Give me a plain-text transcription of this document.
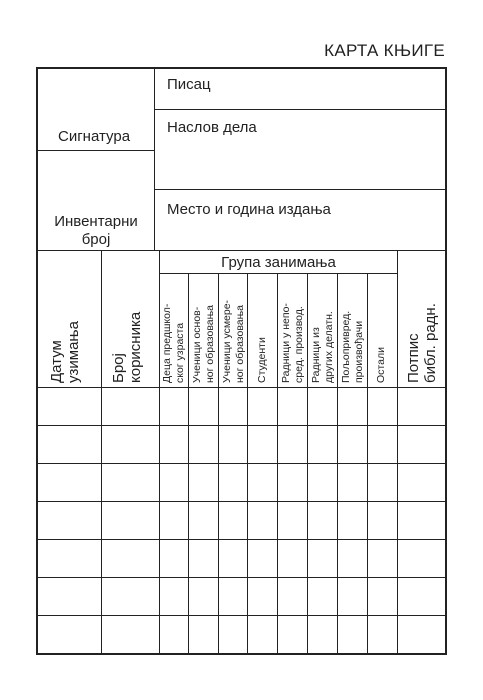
КАРТА КЊИГЕ
Сигнатура
Инвентарни
број
Писац
Наслов дела
Место и година издања
Група занимања
Датум узимања Број корисника Деца предшкол- ског узраста Ученици основ- ног образовања Ученици усмере- ног образовања Студенти Радници у непо- сред. производ. Радници из других делатн. Пољопривред. произвођачи Остали Потпис библ. радн.
